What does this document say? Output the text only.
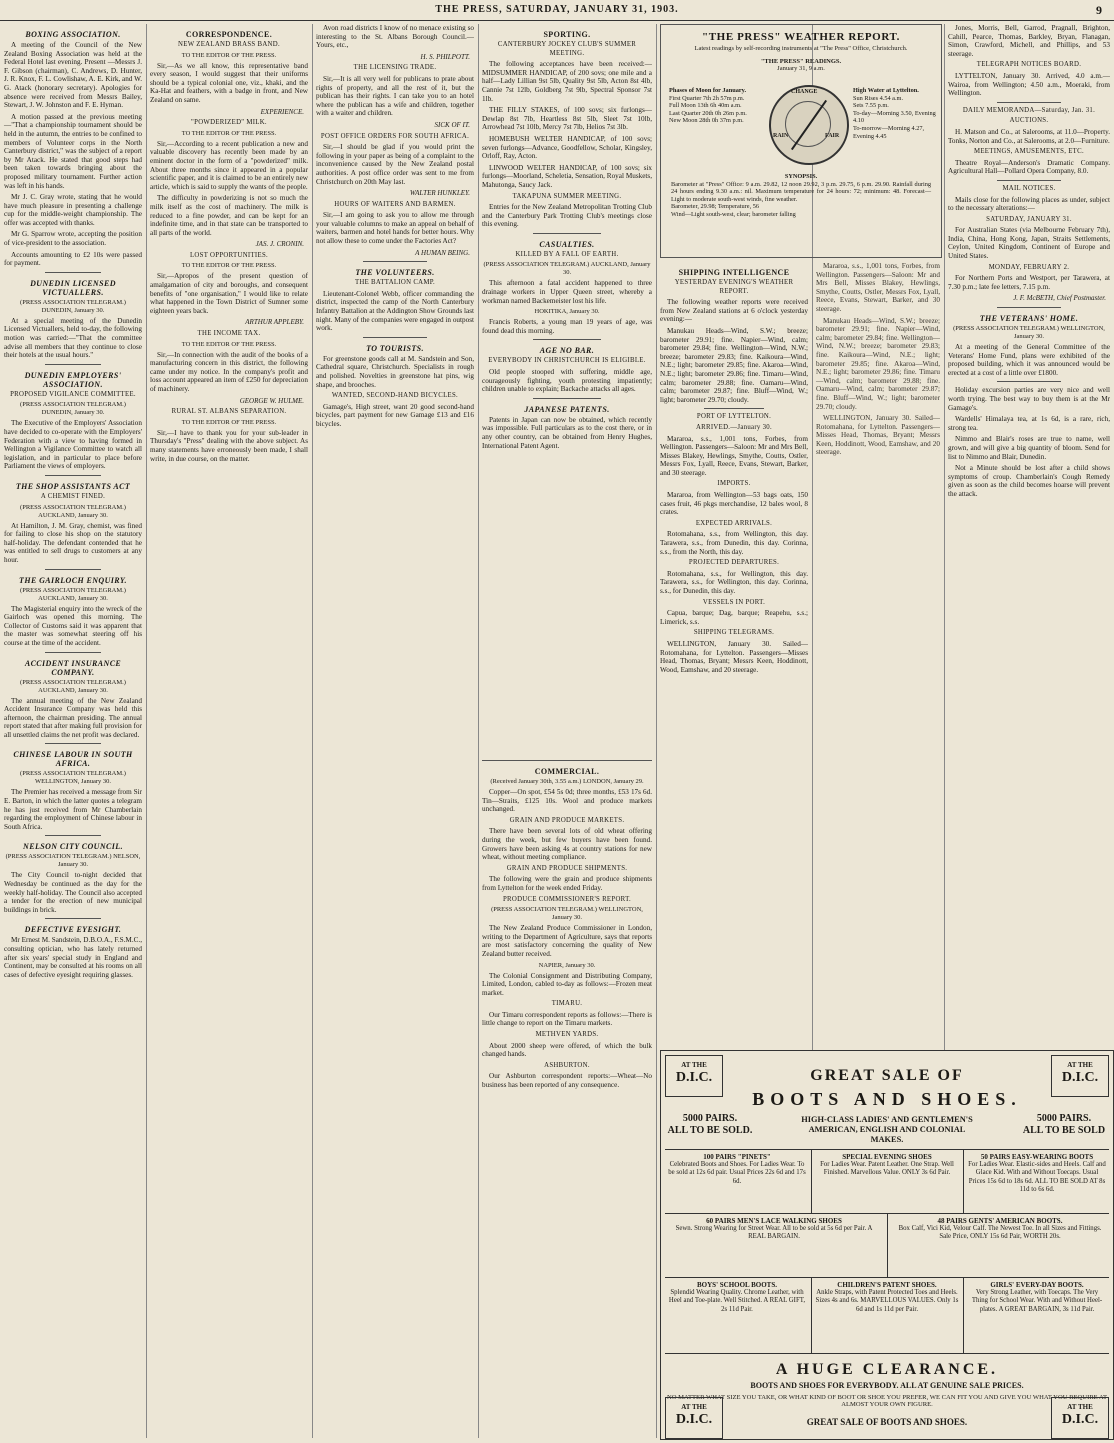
THE PRESS, SATURDAY, JANUARY 31, 1903.	9
BOXING ASSOCIATION.

A meeting of the Council of the New Zealand Boxing Association was held at the Federal Hotel last evening. Present —Messrs J. F. Gibson (chairman), C. Andrews, D. Hunter, J. R. Knox, F. L. Cowlishaw, A. E. Kirk, and W. G. Atack (honorary secretary). Apologies for absence were received from Messrs Bailey, Stewart, J. W. Johnston and F. E. Hyman.

A motion passed at the previous meeting—"That a championship tournament should be held in the autumn, the entries to be confined to members of Volunteer corps in the North Canterbury district," was the subject of a report by Mr Atack. He stated that good steps had been taken towards bringing about the proposed military tournament. Further action was left in his hands.

Mr J. C. Gray wrote, stating that he would have much pleasure in presenting a challenge cup for the middle-weight championship. The offer was accepted with thanks.

Mr G. Sparrow wrote, accepting the position of vice-president to the association.

Accounts amounting to £2 10s were passed for payment.

DUNEDIN LICENSED VICTUALLERS.
(PRESS ASSOCIATION TELEGRAM.) DUNEDIN, January 30.

At a special meeting of the Dunedin Licensed Victuallers, held to-day, the following motion was carried:—"That the committee advise all members that they continue to close their hotels at the usual hours."

DUNEDIN EMPLOYERS' ASSOCIATION.
PROPOSED VIGILANCE COMMITTEE.
(PRESS ASSOCIATION TELEGRAM.) DUNEDIN, January 30.

The Executive of the Employers' Association have decided to co-operate with the Employers' Federation with a view to having formed in Wellington a Vigilance Committee to watch all legislation, and in particular to place before Parliament the views of employers.

THE SHOP ASSISTANTS ACT
A CHEMIST FINED.
(PRESS ASSOCIATION TELEGRAM.) AUCKLAND, January 30.

At Hamilton, J. M. Gray, chemist, was fined for failing to close his shop on the statutory half-holiday. The defendant contended that he was entitled to sell drugs to customers at any hour.

THE GAIRLOCH ENQUIRY.
(PRESS ASSOCIATION TELEGRAM.) AUCKLAND, January 30.

The Magisterial enquiry into the wreck of the Gairloch was opened this morning. The Collector of Customs said it was apparent that the master was somewhat steering off his course at the time of the accident.

ACCIDENT INSURANCE COMPANY.
(PRESS ASSOCIATION TELEGRAM.) AUCKLAND, January 30.

The annual meeting of the New Zealand Accident Insurance Company was held this afternoon, the chairman presiding. The annual report stated that after making full provision for all unsettled claims the net profit was declared.

CHINESE LABOUR IN SOUTH AFRICA.
(PRESS ASSOCIATION TELEGRAM.) WELLINGTON, January 30.

The Premier has received a message from Sir E. Barton, in which the latter quotes a telegram he has just received from Mr Chamberlain regarding the employment of Chinese labour in South Africa.

NELSON CITY COUNCIL.
(PRESS ASSOCIATION TELEGRAM.) NELSON, January 30.

The City Council to-night decided that Wednesday be continued as the day for the weekly half-holiday. The Council also accepted a tender for the erection of new municipal buildings in brick.

DEFECTIVE EYESIGHT.

Mr Ernest M. Sandstein, D.B.O.A., F.S.M.C., consulting optician, who has lately returned after six years' special study in England and Continent, may be consulted at his rooms on all cases of defective eyesight requiring glasses.

CORRESPONDENCE.
NEW ZEALAND BRASS BAND.
TO THE EDITOR OF THE PRESS.

Sir,—As we all know, this representative band every season, I would suggest that their uniforms should be a typical colonial one, viz., khaki, and the Ka-Hat and feathers, with a badge in front, and New Zealand on same.

EXPERIENCE.
"POWDERIZED" MILK.
TO THE EDITOR OF THE PRESS.

Sir,—According to a recent publication a new and valuable discovery has recently been made by an eminent doctor in the form of a "powderized" milk. About three months since it appeared in a popular scientific paper, and it is claimed to be an entirely new article, which is said to supply the wants of the people.

The difficulty in powderizing is not so much the milk itself as the cost of machinery. The milk is reduced to a fine powder, and can be kept for an indefinite time, and in that state can be transported to all parts of the world.

JAS. J. CRONIN.
LOST OPPORTUNITIES.
TO THE EDITOR OF THE PRESS.

Sir,—Apropos of the present question of amalgamation of city and boroughs, and consequent benefits of "one organisation," I would like to relate what happened in the Town District of Sumner some eighteen years back.

ARTHUR APPLEBY.
THE INCOME TAX.
TO THE EDITOR OF THE PRESS.

Sir,—In connection with the audit of the books of a manufacturing concern in this district, the following came under my notice. In the company's profit and loss account appeared an item of £250 for depreciation of machinery.

GEORGE W. HULME.
RURAL ST. ALBANS SEPARATION.
TO THE EDITOR OF THE PRESS.

Sir,—I have to thank you for your sub-leader in Thursday's "Press" dealing with the above subject. As many statements have erroneously been made, I shall write, in due course, on the matter.

Avon road districts I know of no menace existing so interesting to the St. Albans Borough Council.—Yours, etc.,

H. S. PHILPOTT.
THE LICENSING TRADE.

Sir,—It is all very well for publicans to prate about rights of property, and all the rest of it, but the publican has their rights. I can take you to an hotel where the publican has a wife and children, together with a waiter and children.

SICK OF IT.
POST OFFICE ORDERS FOR SOUTH AFRICA.

Sir,—I should be glad if you would print the following in your paper as being of a complaint to the inconvenience caused by the New Zealand postal authorities. A post office order was sent to me from Christchurch on 20th May last.

WALTER HUNKLEY.
HOURS OF WAITERS AND BARMEN.

Sir,—I am going to ask you to allow me through your valuable columns to make an appeal on behalf of waiters, barmen and hotel hands for better hours. Why not allow these to come under the Factories Act?

A HUMAN BEING.
THE VOLUNTEERS.
THE BATTALION CAMP.

Lieutenant-Colonel Webb, officer commanding the district, inspected the camp of the North Canterbury Infantry Battalion at the Addington Show Grounds last night. Many of the companies were engaged in outpost work.

TO TOURISTS.

For greenstone goods call at M. Sandstein and Son, Cathedral square, Christchurch. Specialists in rough and polished. Novelties in greenstone hat pins, wig shape, and brooches.

WANTED, SECOND-HAND BICYCLES.

Gamage's, High street, want 20 good second-hand bicycles, part payment for new Gamage £13 and £16 bicycles.

SPORTING.
CANTERBURY JOCKEY CLUB'S SUMMER MEETING.

The following acceptances have been received:— MIDSUMMER HANDICAP, of 200 sovs; one mile and a half—Lady Lillian 9st 5lb, Quality 9st 5lb, Acton 8st 4lb, Cannie 7st 12lb, Goldberg 7st 9lb, Spectral Sponsor 7st 1lb.

THE FILLY STAKES, of 100 sovs; six furlongs—Dewlap 8st 7lb, Heartless 8st 5lb, Sleet 7st 10lb, Arrowhead 7st 10lb, Mercy 7st 7lb, Helios 7st 3lb.

HOMEBUSH WELTER HANDICAP, of 100 sovs; seven furlongs—Advance, Goodfellow, Scholar, Kingsley, Orloff, Ray, Acton.

LINWOOD WELTER HANDICAP, of 100 sovs; six furlongs—Moorland, Scheletia, Sensation, Royal Muskets, Mahutonga, Saucy Jack.

TAKAPUNA SUMMER MEETING.

Entries for the New Zealand Metropolitan Trotting Club and the Canterbury Park Trotting Club's meetings close this evening.

CASUALTIES.
KILLED BY A FALL OF EARTH.
(PRESS ASSOCIATION TELEGRAM.) AUCKLAND, January 30.

This afternoon a fatal accident happened to three drainage workers in Upper Queen street, whereby a workman named Backemeister lost his life.

HOKITIKA, January 30.

Francis Roberts, a young man 19 years of age, was found dead this morning.

AGE NO BAR.
EVERYBODY IN CHRISTCHURCH IS ELIGIBLE.

Old people stooped with suffering, middle age, courageously fighting, youth protesting impatiently; children unable to explain; Backache attacks all ages.

JAPANESE PATENTS.

Patents in Japan can now be obtained, which recently was impossible. Full particulars as to the cost there, or in any other country, can be obtained from Henry Hughes, International Patent Agent.

SHIPPING INTELLIGENCE
YESTERDAY EVENING'S WEATHER REPORT.

The following weather reports were received from New Zealand stations at 6 o'clock yesterday evening:—

Manukau Heads—Wind, S.W.; breeze; barometer 29.91; fine. Napier—Wind, calm; barometer 29.84; fine. Wellington—Wind, N.W.; breeze; barometer 29.83; fine. Kaikoura—Wind, N.E.; light; barometer 29.85; fine. Akaroa—Wind, N.E.; light; barometer 29.86; fine. Timaru—Wind, calm; barometer 29.88; fine. Oamaru—Wind, calm; barometer 29.87; fine. Bluff—Wind, W.; light; barometer 29.70; cloudy.

PORT OF LYTTELTON.
ARRIVED.—January 30.

Mararoa, s.s., 1,001 tons, Forbes, from Wellington. Passengers—Saloon: Mr and Mrs Bell, Misses Blakey, Hewlings, Smythe, Coutts, Ostler, Messrs Fox, Lyall, Reece, Evans, Stewart, Barker, and 30 steerage.

IMPORTS.

Mararoa, from Wellington—53 bags oats, 150 cases fruit, 46 pkgs merchandise, 12 bales wool, 8 crates.

EXPECTED ARRIVALS.

Rotomahana, s.s., from Wellington, this day. Tarawera, s.s., from Dunedin, this day. Corinna, s.s., from the North, this day.

PROJECTED DEPARTURES.

Rotomahana, s.s., for Wellington, this day. Tarawera, s.s., for Wellington, this day. Corinna, s.s., for Dunedin, this day.

VESSELS IN PORT.

Capua, barque; Dag, barque; Reapehu, s.s.; Limerick, s.s.

SHIPPING TELEGRAMS.

WELLINGTON, January 30. Sailed—Rotomahana, for Lyttelton. Passengers—Misses Head, Thomas, Bryant; Messrs Keen, Hoddinott, Wood, Eamshaw, and 20 steerage.

Mararoa, s.s., 1,001 tons, Forbes, from Wellington. Passengers—Saloon: Mr and Mrs Bell, Misses Blakey, Hewlings, Smythe, Coutts, Ostler, Messrs Fox, Lyall, Reece, Evans, Stewart, Barker, and 30 steerage.

Manukau Heads—Wind, S.W.; breeze; barometer 29.91; fine. Napier—Wind, calm; barometer 29.84; fine. Wellington—Wind, N.W.; breeze; barometer 29.83; fine. Kaikoura—Wind, N.E.; light; barometer 29.85; fine. Akaroa—Wind, N.E.; light; barometer 29.86; fine. Timaru—Wind, calm; barometer 29.88; fine. Oamaru—Wind, calm; barometer 29.87; fine. Bluff—Wind, W.; light; barometer 29.70; cloudy.

WELLINGTON, January 30. Sailed—Rotomahana, for Lyttelton. Passengers—Misses Head, Thomas, Bryant; Messrs Keen, Hoddinott, Wood, Eamshaw, and 20 steerage.

"THE PRESS" WEATHER REPORT.
Latest readings by self-recording instruments at "The Press" Office, Christchurch.
"THE PRESS" READINGS.
January 31, 9 a.m.
RAIN
CHANGE
FAIR
Phases of Moon for January.
First Quarter 7th 2h 57m p.m.
Full Moon 13th 6h 40m a.m.
Last Quarter 20th 0h 26m p.m.
New Moon 28th 0h 37m p.m.
High Water at Lyttelton.
Sun Rises 4.54 a.m.
Sets 7.55 p.m.
To-day—Morning 3.50, Evening 4.10
To-morrow—Morning 4.27, Evening 4.45
SYNOPSIS.
Barometer at "Press" Office: 9 a.m. 29.82, 12 noon 29.92, 3 p.m. 29.75, 6 p.m. 29.90. Rainfall during 24 hours ending 9.30 a.m.: nil. Maximum temperature for 24 hours: 72; minimum: 48. Forecast—Light to moderate south-west winds, fine weather.
Barometer, 29.98; Temperature, 56
Wind—Light south-west, clear; barometer falling

Jones, Morris, Bell, Garrod, Pragnall, Brighton, Cahill, Pearce, Thomas, Barkley, Bryan, Flanagan, Simon, Crawford, Michell, and Phillips, and 53 steerage.

TELEGRAPH NOTICES BOARD.

LYTTELTON, January 30. Arrived, 4.0 a.m.—Wairoa, from Wellington; 4.50 a.m., Moeraki, from Wellington.

DAILY MEMORANDA—Saturday, Jan. 31.
AUCTIONS.

H. Matson and Co., at Salerooms, at 11.0—Property. Tonks, Norton and Co., at Salerooms, at 2.0—Furniture.

MEETINGS, AMUSEMENTS, ETC.

Theatre Royal—Anderson's Dramatic Company. Agricultural Hall—Pollard Opera Company, 8.0.

MAIL NOTICES.

Mails close for the following places as under, subject to the necessary alterations:—

SATURDAY, JANUARY 31.

For Australian States (via Melbourne February 7th), India, China, Hong Kong, Japan, Straits Settlements, Ceylon, United Kingdom, Continent of Europe and United States.

MONDAY, FEBRUARY 2.

For Northern Ports and Westport, per Tarawera, at 7.30 p.m.; late fee letters, 7.15 p.m.

J. F. McBETH, Chief Postmaster.
THE VETERANS' HOME.
(PRESS ASSOCIATION TELEGRAM.) WELLINGTON, January 30.

At a meeting of the General Committee of the Veterans' Home Fund, plans were exhibited of the proposed building, which it was announced would be erected at a cost of a little over £1800.

Holiday excursion parties are very nice and well worth trying. The best way to buy them is at the Mr Gamage's.

Wardells' Himalaya tea, at 1s 6d, is a rare, rich, strong tea.

Nimmo and Blair's roses are true to name, well grown, and will give a big quantity of bloom. Send for list to Nimmo and Blair, Dunedin.

Not a Minute should be lost after a child shows symptoms of croup. Chamberlain's Cough Remedy given as soon as the child becomes hoarse will prevent the attack.

AT THE
D.I.C.
AT THE
D.I.C.
GREAT SALE OF
BOOTS AND SHOES.
5000 PAIRS.
ALL TO BE SOLD.
5000 PAIRS.
ALL TO BE SOLD
HIGH-CLASS LADIES' AND GENTLEMEN'S
AMERICAN, ENGLISH AND COLONIAL
MAKES.
100 PAIRS "PINETS"
Celebrated Boots and Shoes. For Ladies Wear. To be sold at 12s 6d pair. Usual Prices 22s 6d and 17s 6d.
SPECIAL EVENING SHOES
For Ladies Wear. Patent Leather. One Strap. Well Finished. Marvellous Value. ONLY 3s 6d Pair.
50 PAIRS EASY-WEARING BOOTS
For Ladies Wear. Elastic-sides and Heels. Calf and Glace Kid. With and Without Toecaps. Usual Prices 15s 6d to 18s 6d. ALL TO BE SOLD AT 8s 11d to 6s 6d.
60 PAIRS MEN'S LACE WALKING SHOES
Sewn. Strong Wearing for Street Wear. All to be sold at 5s 6d per Pair. A REAL BARGAIN.
48 PAIRS GENTS' AMERICAN BOOTS.
Box Calf, Vici Kid, Velour Calf. The Newest Toe. In all Sizes and Fittings. Sale Price, ONLY 15s 6d Pair, WORTH 20s.
BOYS' SCHOOL BOOTS.
Splendid Wearing Quality. Chrome Leather, with Heel and Toe-plate. Well Stitched. A REAL GIFT, 2s 11d Pair.
CHILDREN'S PATENT SHOES.
Ankle Straps, with Patent Protected Toes and Heels. Sizes 4s and 6s. MARVELLOUS VALUES. Only 1s 6d and 1s 11d per Pair.
GIRLS' EVERY-DAY BOOTS.
Very Strong Leather, with Toecaps. The Very Thing for School Wear. With and Without Heel-plates. A GREAT BARGAIN, 3s 11d Pair.
A HUGE CLEARANCE.
BOOTS AND SHOES FOR EVERYBODY. ALL AT GENUINE SALE PRICES.
NO MATTER WHAT SIZE YOU TAKE, OR WHAT KIND OF BOOT OR SHOE YOU PREFER, WE CAN FIT YOU AND GIVE YOU WHAT YOU REQUIRE AT ALMOST YOUR OWN FIGURE.
AT THE
D.I.C.	GREAT SALE OF BOOTS AND SHOES.
AT THE
D.I.C.
COMMERCIAL.
(Received January 30th, 3.55 a.m.) LONDON, January 29.

Copper—On spot, £54 5s 0d; three months, £53 17s 6d. Tin—Straits, £125 10s. Wool and produce markets unchanged.

GRAIN AND PRODUCE MARKETS.

There have been several lots of old wheat offering during the week, but few buyers have been found. Growers have been asking 4s at country stations for new wheat, without meeting compliance.

GRAIN AND PRODUCE SHIPMENTS.

The following were the grain and produce shipments from Lyttelton for the week ended Friday.

PRODUCE COMMISSIONER'S REPORT.
(PRESS ASSOCIATION TELEGRAM.) WELLINGTON, January 30.

The New Zealand Produce Commissioner in London, writing to the Department of Agriculture, says that reports are most satisfactory concerning the quality of New Zealand butter received.

NAPIER, January 30.

The Colonial Consignment and Distributing Company, Limited, London, cabled to-day as follows:—Frozen meat market.

TIMARU.

Our Timaru correspondent reports as follows:—There is little change to report on the Timaru markets.

METHVEN YARDS.

About 2000 sheep were offered, of which the bulk changed hands.

ASHBURTON.

Our Ashburton correspondent reports:—Wheat—No business has been reported of any consequence.
